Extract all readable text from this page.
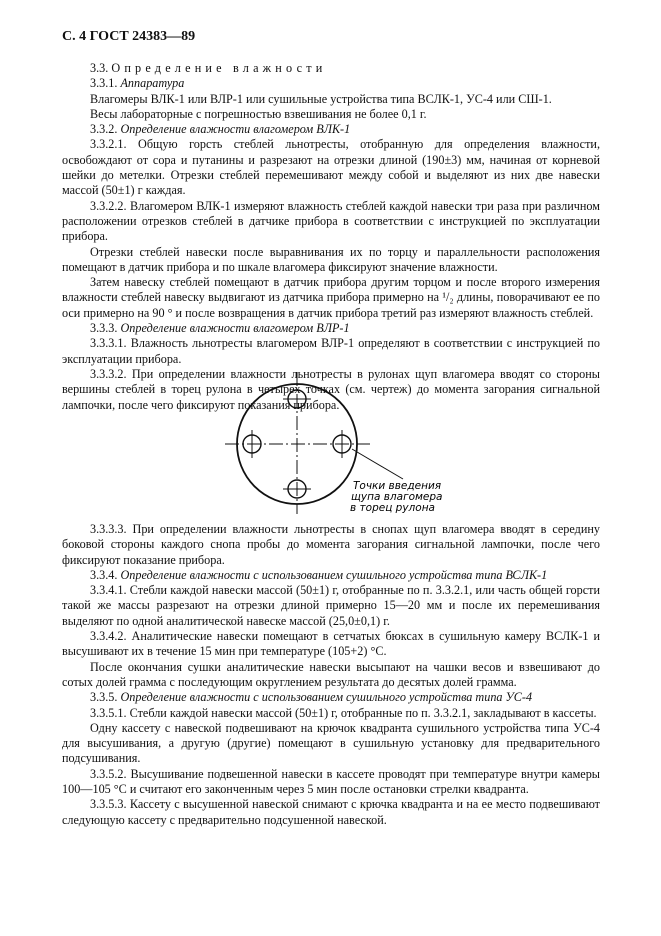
С. 4 ГОСТ 24383—89

3.3. Определение влажности

3.3.1. Аппаратура

Влагомеры ВЛК-1 или ВЛР-1 или сушильные устройства типа ВСЛК-1, УС-4 или СШ-1.

Весы лабораторные с погрешностью взвешивания не более 0,1 г.

3.3.2. Определение влажности влагомером ВЛК-1

3.3.2.1. Общую горсть стеблей льнотресты, отобранную для определения влажности, освобождают от сора и путанины и разрезают на отрезки длиной (190±3) мм, начиная от корневой шейки до метелки. Отрезки стеблей перемешивают между собой и выделяют из них две навески массой (50±1) г каждая.

3.3.2.2. Влагомером ВЛК-1 измеряют влажность стеблей каждой навески три раза при различном расположении отрезков стеблей в датчике прибора в соответствии с инструкцией по эксплуатации прибора.

Отрезки стеблей навески после выравнивания их по торцу и параллельности расположения помещают в датчик прибора и по шкале влагомера фиксируют значение влажности.

Затем навеску стеблей помещают в датчик прибора другим торцом и после второго измерения влажности стеблей навеску выдвигают из датчика прибора примерно на ¹/₂ длины, поворачивают ее по оси примерно на 90 ° и после возвращения в датчик прибора третий раз измеряют влажность стеблей.

3.3.3. Определение влажности влагомером ВЛР-1

3.3.3.1. Влажность льнотресты влагомером ВЛР-1 определяют в соответствии с инструкцией по эксплуатации прибора.

3.3.3.2. При определении влажности льнотресты в рулонах щуп влагомера вводят со стороны вершины стеблей в торец рулона в четырех точках (см. чертеж) до момента загорания сигнальной лампочки, после чего фиксируют показания прибора.

Точки введения
щупа влагомера
в торец рулона

3.3.3.3. При определении влажности льнотресты в снопах щуп влагомера вводят в середину боковой стороны каждого снопа пробы до момента загорания сигнальной лампочки, после чего фиксируют показание прибора.

3.3.4. Определение влажности с использованием сушильного устройства типа ВСЛК-1

3.3.4.1. Стебли каждой навески массой (50±1) г, отобранные по п. 3.3.2.1, или часть общей горсти такой же массы разрезают на отрезки длиной примерно 15—20 мм и после их перемешивания выделяют по одной аналитической навеске массой (25,0±0,1) г.

3.3.4.2. Аналитические навески помещают в сетчатых бюксах в сушильную камеру ВСЛК-1 и высушивают их в течение 15 мин при температуре (105+2) °С.

После окончания сушки аналитические навески высыпают на чашки весов и взвешивают до сотых долей грамма с последующим округлением результата до десятых долей грамма.

3.3.5. Определение влажности с использованием сушильного устройства типа УС-4

3.3.5.1. Стебли каждой навески массой (50±1) г, отобранные по п. 3.3.2.1, закладывают в кассеты.

Одну кассету с навеской подвешивают на крючок квадранта сушильного устройства типа УС-4 для высушивания, а другую (другие) помещают в сушильную установку для предварительного подсушивания.

3.3.5.2. Высушивание подвешенной навески в кассете проводят при температуре внутри камеры 100—105 °С и считают его законченным через 5 мин после остановки стрелки квадранта.

3.3.5.3. Кассету с высушенной навеской снимают с крючка квадранта и на ее место подвешивают следующую кассету с предварительно подсушенной навеской.
